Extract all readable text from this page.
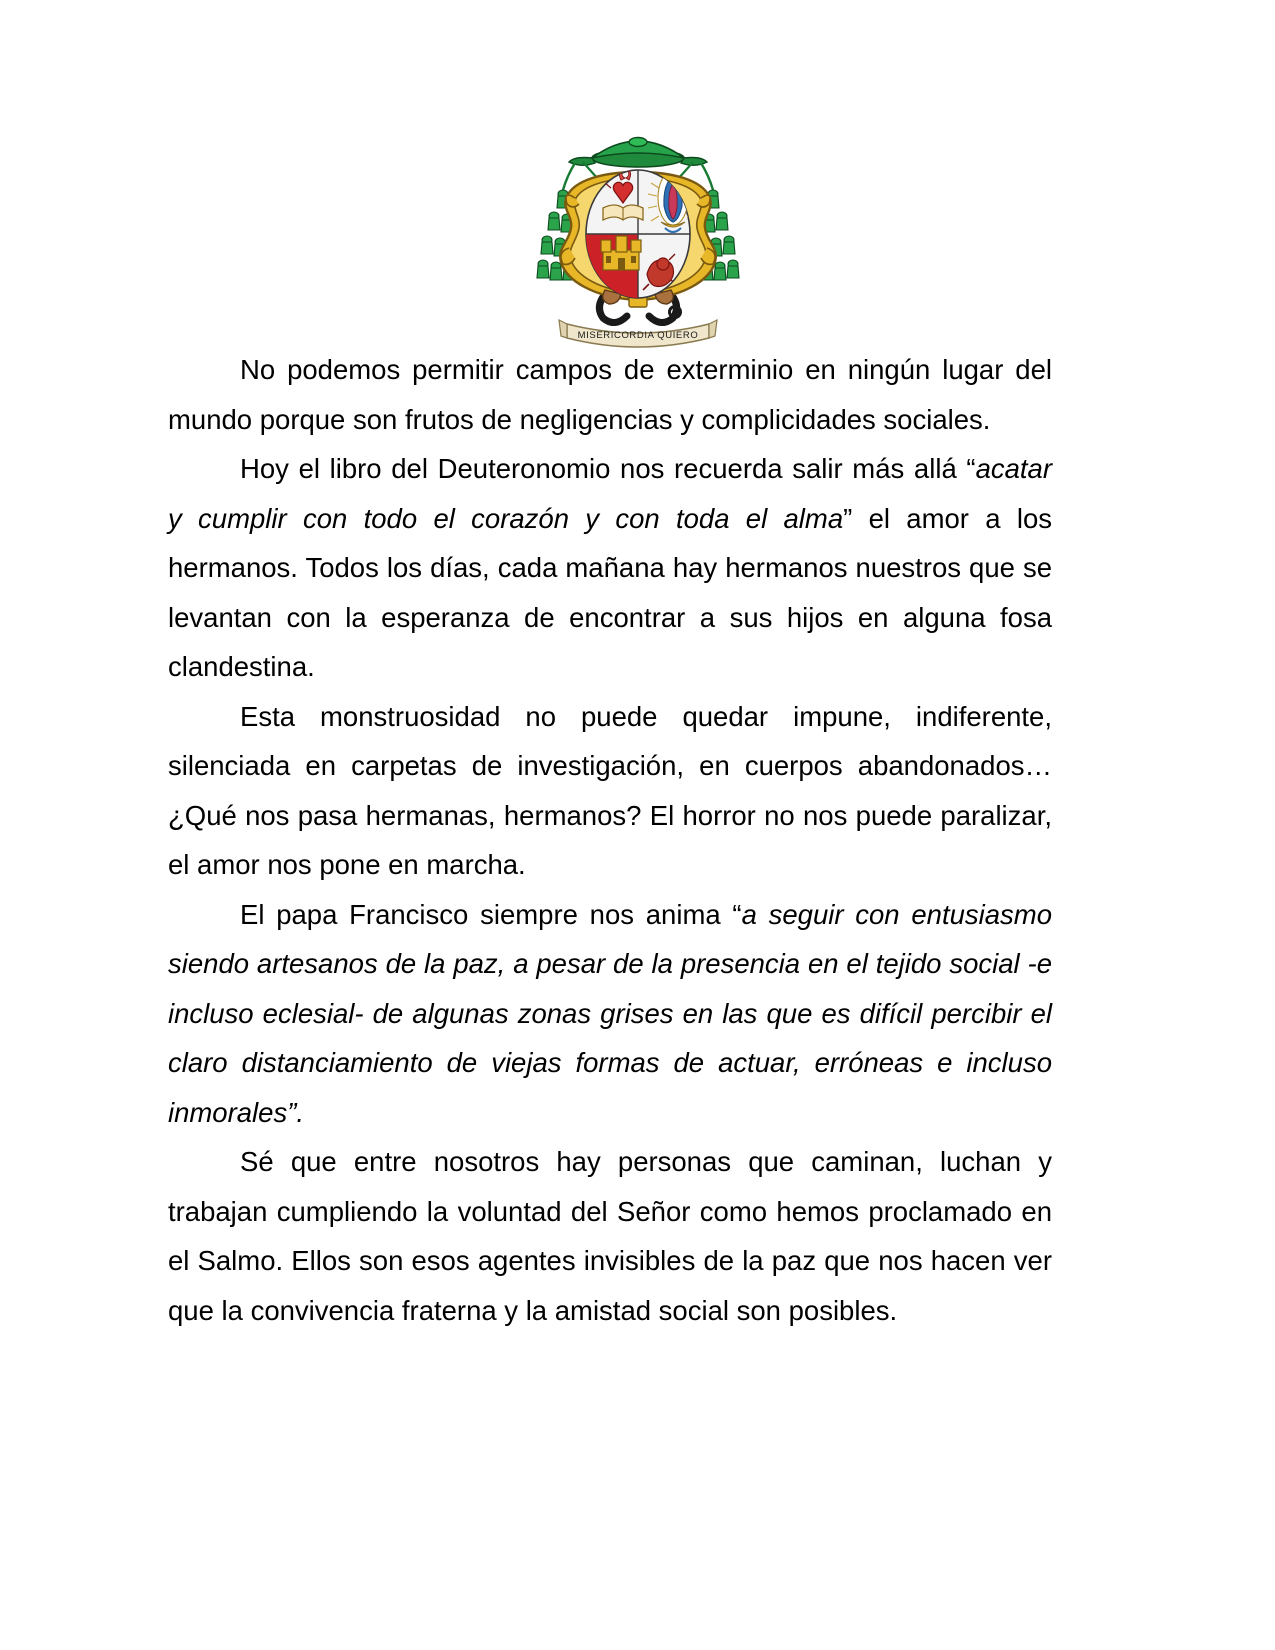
MISERICORDIA QUIERO

No podemos permitir campos de exterminio en ningún lugar del mundo porque son frutos de negligencias y complicidades sociales.

Hoy el libro del Deuteronomio nos recuerda salir más allá “acatar y cumplir con todo el corazón y con toda el alma” el amor a los hermanos. Todos los días, cada mañana hay hermanos nuestros que se levantan con la esperanza de encontrar a sus hijos en alguna fosa clandestina.

Esta monstruosidad no puede quedar impune, indiferente, silenciada en carpetas de investigación, en cuerpos abandonados… ¿Qué nos pasa hermanas, hermanos? El horror no nos puede paralizar, el amor nos pone en marcha.

El papa Francisco siempre nos anima “a seguir con entusiasmo siendo artesanos de la paz, a pesar de la presencia en el tejido social -e incluso eclesial- de algunas zonas grises en las que es difícil percibir el claro distanciamiento de viejas formas de actuar, erróneas e incluso inmorales”.

Sé que entre nosotros hay personas que caminan, luchan y trabajan cumpliendo la voluntad del Señor como hemos proclamado en el Salmo. Ellos son esos agentes invisibles de la paz que nos hacen ver que la convivencia fraterna y la amistad social son posibles.
